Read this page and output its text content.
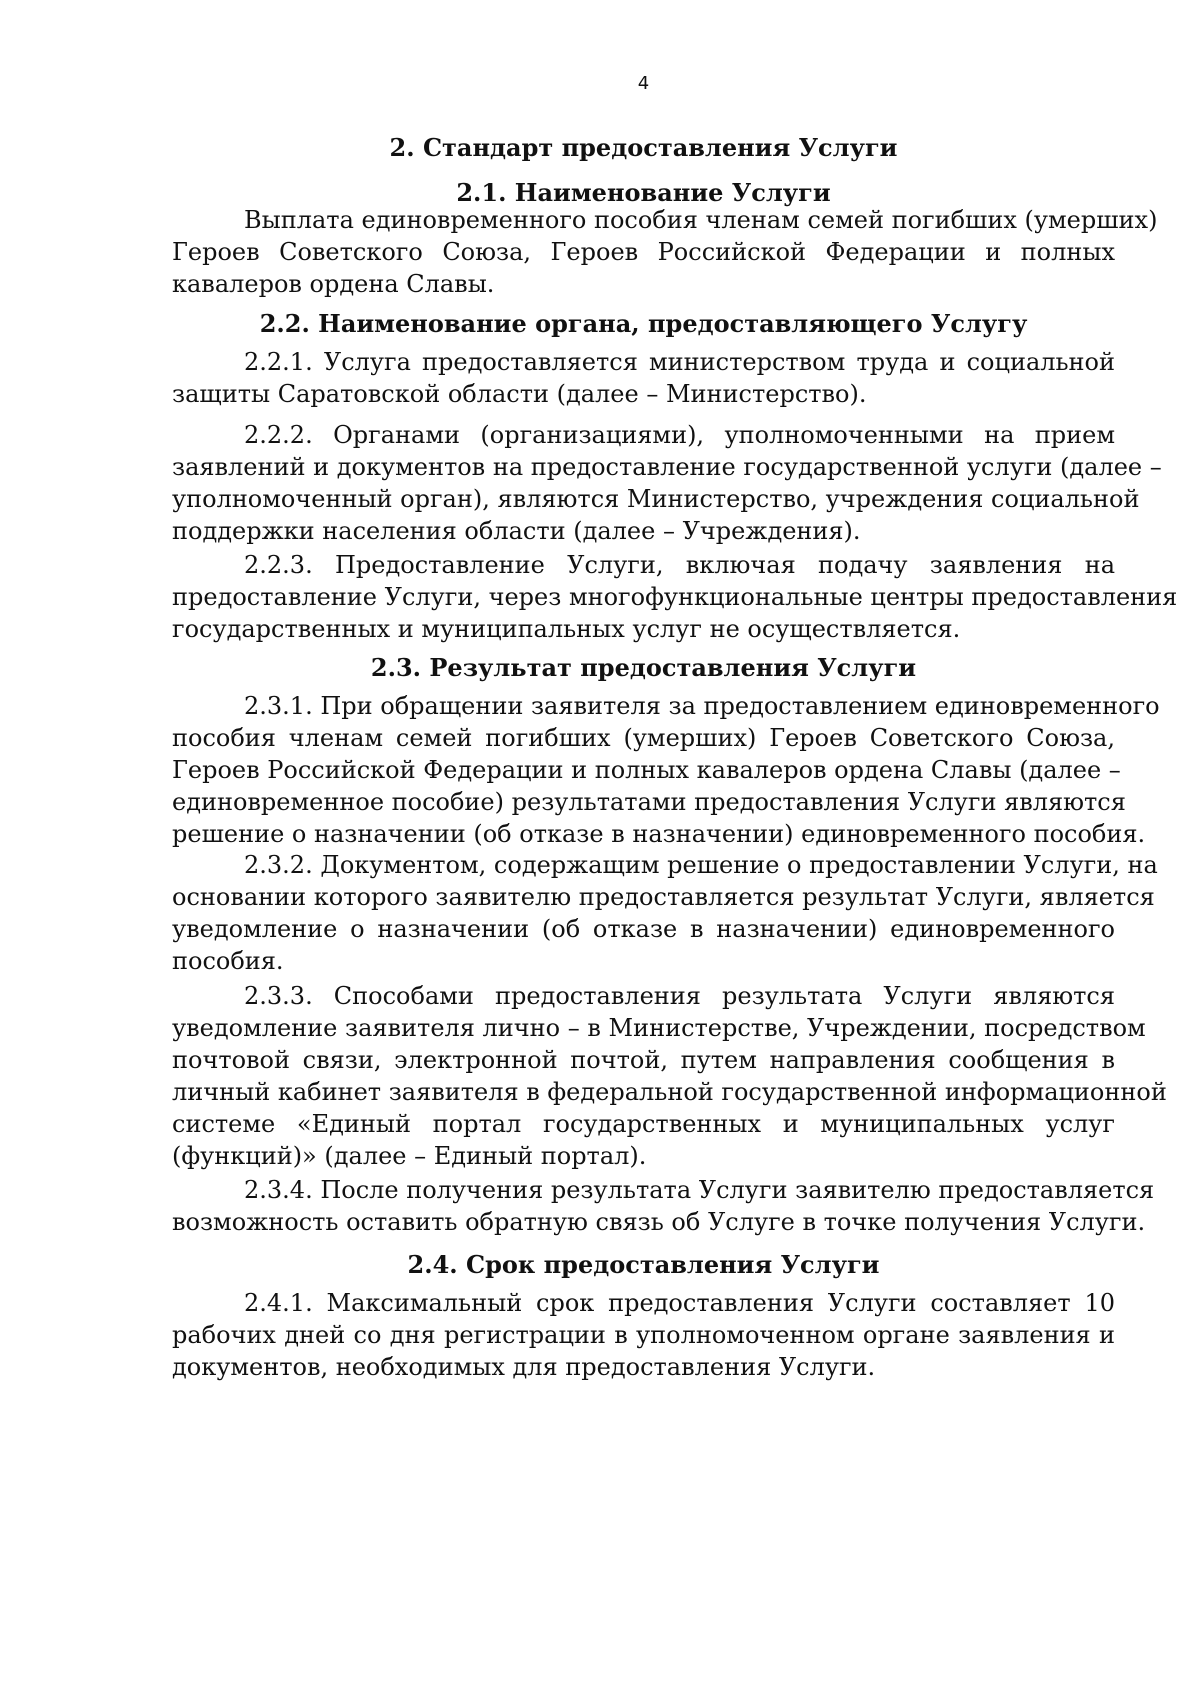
4
2. Стандарт предоставления Услуги
2.1. Наименование Услуги
Выплата единовременного пособия членам семей погибших (умерших)
Героев Советского Союза, Героев Российской Федерации и полных
кавалеров ордена Славы.
2.2. Наименование органа, предоставляющего Услугу
2.2.1. Услуга предоставляется министерством труда и социальной
защиты Саратовской области (далее – Министерство).
2.2.2. Органами (организациями), уполномоченными на прием
заявлений и документов на предоставление государственной услуги (далее –
уполномоченный орган), являются Министерство, учреждения социальной
поддержки населения области (далее – Учреждения).
2.2.3. Предоставление Услуги, включая подачу заявления на
предоставление Услуги, через многофункциональные центры предоставления
государственных и муниципальных услуг не осуществляется.
2.3. Результат предоставления Услуги
2.3.1. При обращении заявителя за предоставлением единовременного
пособия членам семей погибших (умерших) Героев Советского Союза,
Героев Российской Федерации и полных кавалеров ордена Славы (далее –
единовременное пособие) результатами предоставления Услуги являются
решение о назначении (об отказе в назначении) единовременного пособия.
2.3.2. Документом, содержащим решение о предоставлении Услуги, на
основании которого заявителю предоставляется результат Услуги, является
уведомление о назначении (об отказе в назначении) единовременного
пособия.
2.3.3. Способами предоставления результата Услуги являются
уведомление заявителя лично – в Министерстве, Учреждении, посредством
почтовой связи, электронной почтой, путем направления сообщения в
личный кабинет заявителя в федеральной государственной информационной
системе «Единый портал государственных и муниципальных услуг
(функций)» (далее – Единый портал).
2.3.4. После получения результата Услуги заявителю предоставляется
возможность оставить обратную связь об Услуге в точке получения Услуги.
2.4. Срок предоставления Услуги
2.4.1. Максимальный срок предоставления Услуги составляет 10
рабочих дней со дня регистрации в уполномоченном органе заявления и
документов, необходимых для предоставления Услуги.
